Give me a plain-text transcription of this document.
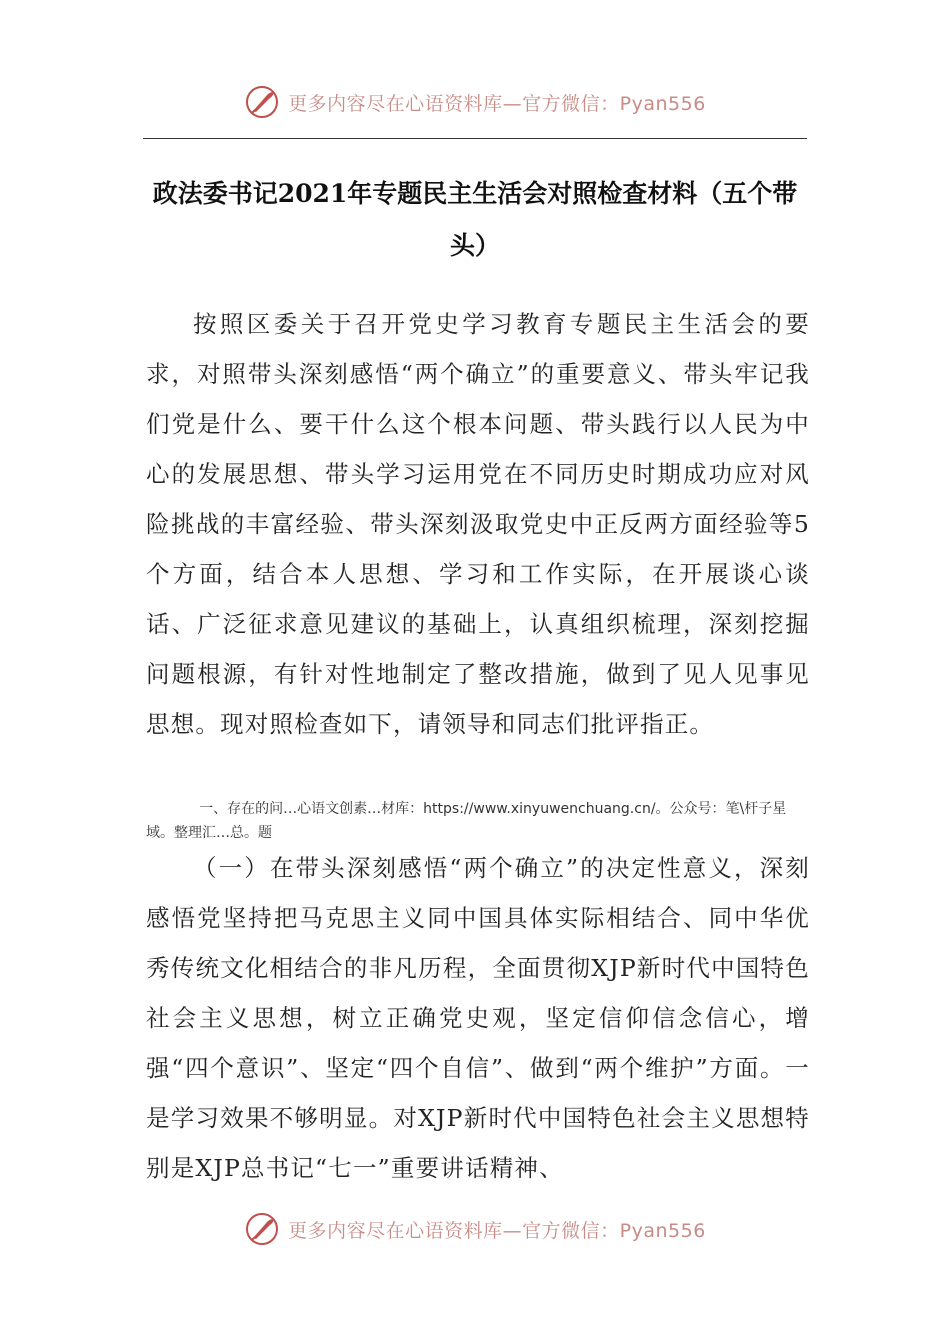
更多内容尽在心语资料库—官方微信：Pyan556
政法委书记2021年专题民主生活会对照检查材料（五个带头）

按照区委关于召开党史学习教育专题民主生活会的要求，对照带头深刻感悟“两个确立”的重要意义、带头牢记我们党是什么、要干什么这个根本问题、带头践行以人民为中心的发展思想、带头学习运用党在不同历史时期成功应对风险挑战的丰富经验、带头深刻汲取党史中正反两方面经验等5个方面，结合本人思想、学习和工作实际，在开展谈心谈话、广泛征求意见建议的基础上，认真组织梳理，深刻挖掘问题根源，有针对性地制定了整改措施，做到了见人见事见思想。现对照检查如下，请领导和同志们批评指正。

一、存在的问…心语文创素…材库：https://www.xinyuwenchuang.cn/。公众号：笔\杆子星域。整理汇…总。题

（一）在带头深刻感悟“两个确立”的决定性意义，深刻感悟党坚持把马克思主义同中国具体实际相结合、同中华优秀传统文化相结合的非凡历程，全面贯彻XJP新时代中国特色社会主义思想，树立正确党史观，坚定信仰信念信心，增强“四个意识”、坚定“四个自信”、做到“两个维护”方面。一是学习效果不够明显。对XJP新时代中国特色社会主义思想特别是XJP总书记“七一”重要讲话精神、

更多内容尽在心语资料库—官方微信：Pyan556
